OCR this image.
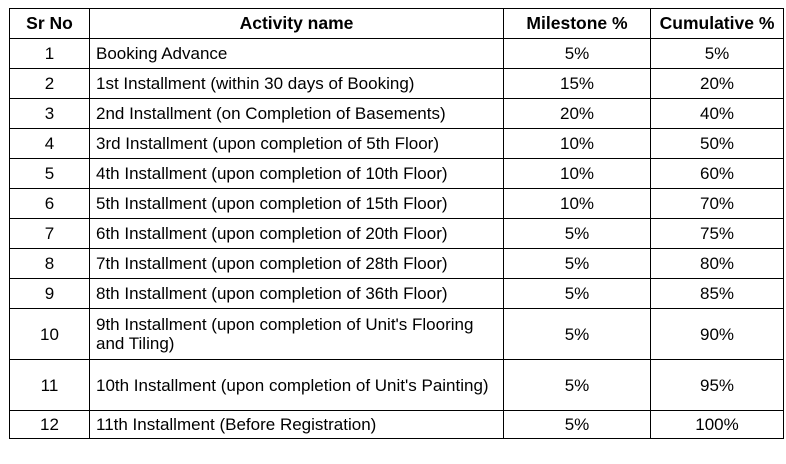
Sr No	Activity name	Milestone %	Cumulative %
1	Booking Advance	5%	5%
2	1st Installment (within 30 days of Booking)	15%	20%
3	2nd Installment (on Completion of Basements)	20%	40%
4	3rd Installment (upon completion of 5th Floor)	10%	50%
5	4th Installment (upon completion of 10th Floor)	10%	60%
6	5th Installment (upon completion of 15th Floor)	10%	70%
7	6th Installment (upon completion of 20th Floor)	5%	75%
8	7th Installment (upon completion of 28th Floor)	5%	80%
9	8th Installment (upon completion of 36th Floor)	5%	85%
10	9th Installment (upon completion of Unit's Flooring and Tiling)	5%	90%
11	10th Installment (upon completion of Unit's Painting)	5%	95%
12	11th Installment (Before Registration)	5%	100%
